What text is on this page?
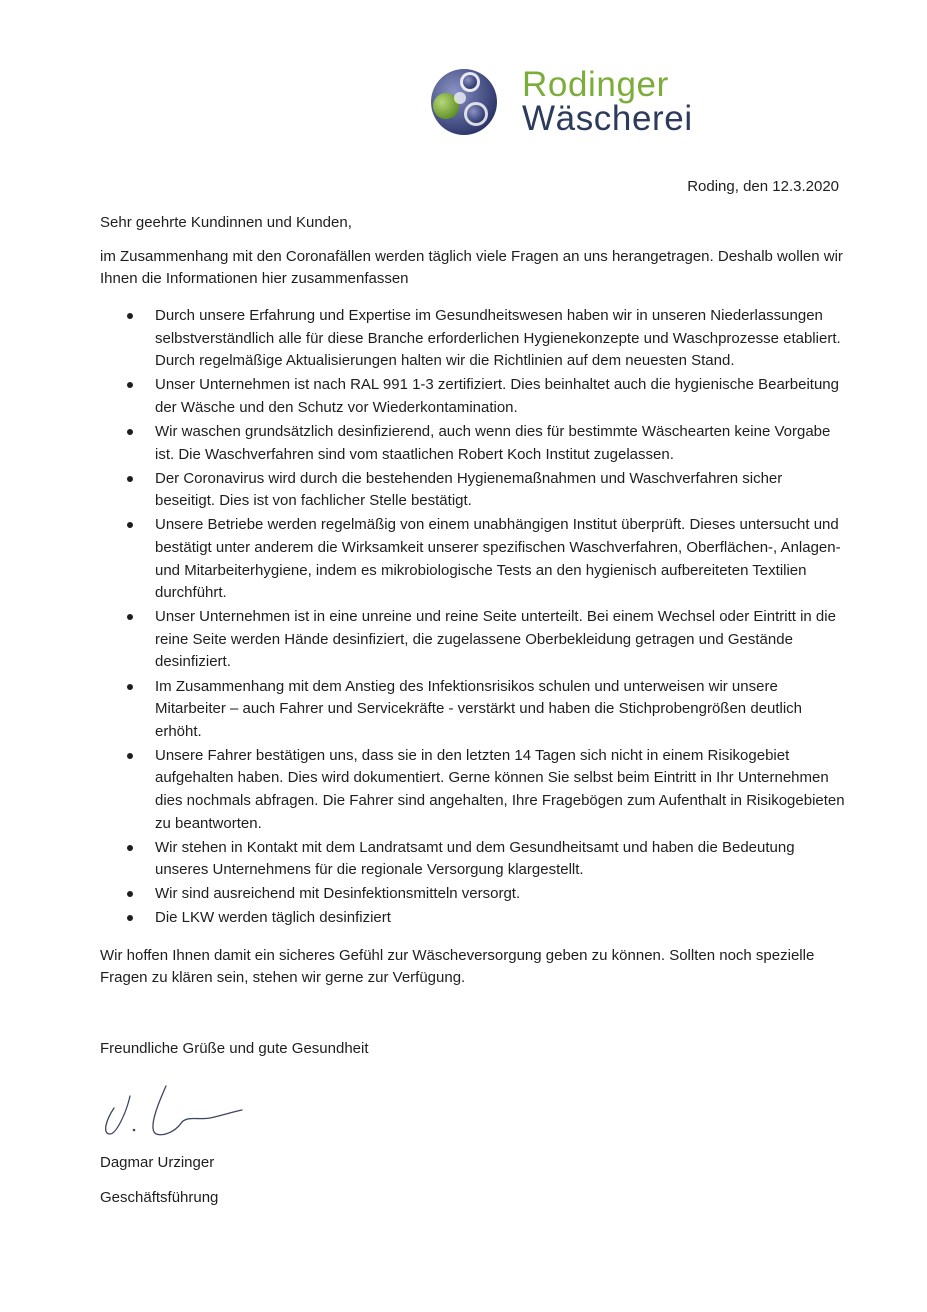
Rodinger
Wäscherei
Roding, den 12.3.2020
Sehr geehrte Kundinnen und Kunden,
im Zusammenhang mit den Coronafällen werden täglich viele Fragen an uns herangetragen. Deshalb wollen wir Ihnen die Informationen hier zusammenfassen
Durch unsere Erfahrung und Expertise im Gesundheitswesen haben wir in unseren Niederlassungen selbstverständlich alle für diese Branche erforderlichen Hygienekonzepte und Waschprozesse etabliert. Durch regelmäßige Aktualisierungen halten wir die Richtlinien auf dem neuesten Stand.
Unser Unternehmen ist nach RAL 991 1-3 zertifiziert. Dies beinhaltet auch die hygienische Bearbeitung der Wäsche und den Schutz vor Wiederkontamination.
Wir waschen grundsätzlich desinfizierend, auch wenn dies für bestimmte Wäschearten keine Vorgabe ist. Die Waschverfahren sind vom staatlichen Robert Koch Institut zugelassen.
Der Coronavirus wird durch die bestehenden Hygienemaßnahmen und Waschverfahren sicher beseitigt. Dies ist von fachlicher Stelle bestätigt.
Unsere Betriebe werden regelmäßig von einem unabhängigen Institut überprüft. Dieses untersucht und bestätigt unter anderem die Wirksamkeit unserer spezifischen Waschverfahren, Oberflächen-, Anlagen- und Mitarbeiterhygiene, indem es mikrobiologische Tests an den hygienisch aufbereiteten Textilien durchführt.
Unser Unternehmen ist in eine unreine und reine Seite unterteilt. Bei einem Wechsel oder Eintritt in die reine Seite werden Hände desinfiziert, die zugelassene Oberbekleidung getragen und Gestände desinfiziert.
Im Zusammenhang mit dem Anstieg des Infektionsrisikos schulen und unterweisen wir unsere Mitarbeiter – auch Fahrer und Servicekräfte - verstärkt und haben die Stichprobengrößen deutlich erhöht.
Unsere Fahrer bestätigen uns, dass sie in den letzten 14 Tagen sich nicht in einem Risikogebiet aufgehalten haben. Dies wird dokumentiert. Gerne können Sie selbst beim Eintritt in Ihr Unternehmen dies nochmals abfragen. Die Fahrer sind angehalten, Ihre Fragebögen zum Aufenthalt in Risikogebieten zu beantworten.
Wir stehen in Kontakt mit dem Landratsamt und dem Gesundheitsamt und haben die Bedeutung unseres Unternehmens für die regionale Versorgung klargestellt.
Wir sind ausreichend mit Desinfektionsmitteln versorgt.
Die LKW werden täglich desinfiziert
Wir hoffen Ihnen damit ein sicheres Gefühl zur Wäscheversorgung geben zu können. Sollten noch spezielle Fragen zu klären sein, stehen wir gerne zur Verfügung.
Freundliche Grüße und gute Gesundheit
Dagmar Urzinger
Geschäftsführung
